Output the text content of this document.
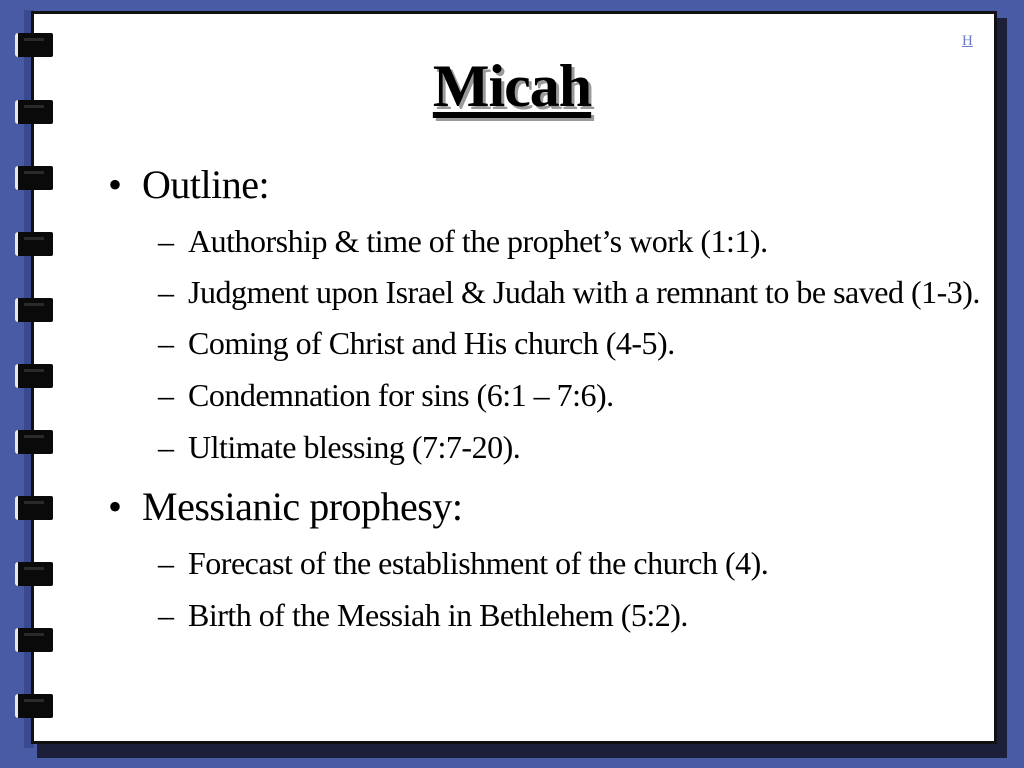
H
Micah
• Outline:
– Authorship & time of the prophet’s work (1:1).
– Judgment upon Israel & Judah with a remnant to be saved (1-3).
– Coming of Christ and His church (4-5).
– Condemnation for sins (6:1 – 7:6).
– Ultimate blessing (7:7-20).
• Messianic prophesy:
– Forecast of the establishment of the church (4).
– Birth of the Messiah in Bethlehem (5:2).
